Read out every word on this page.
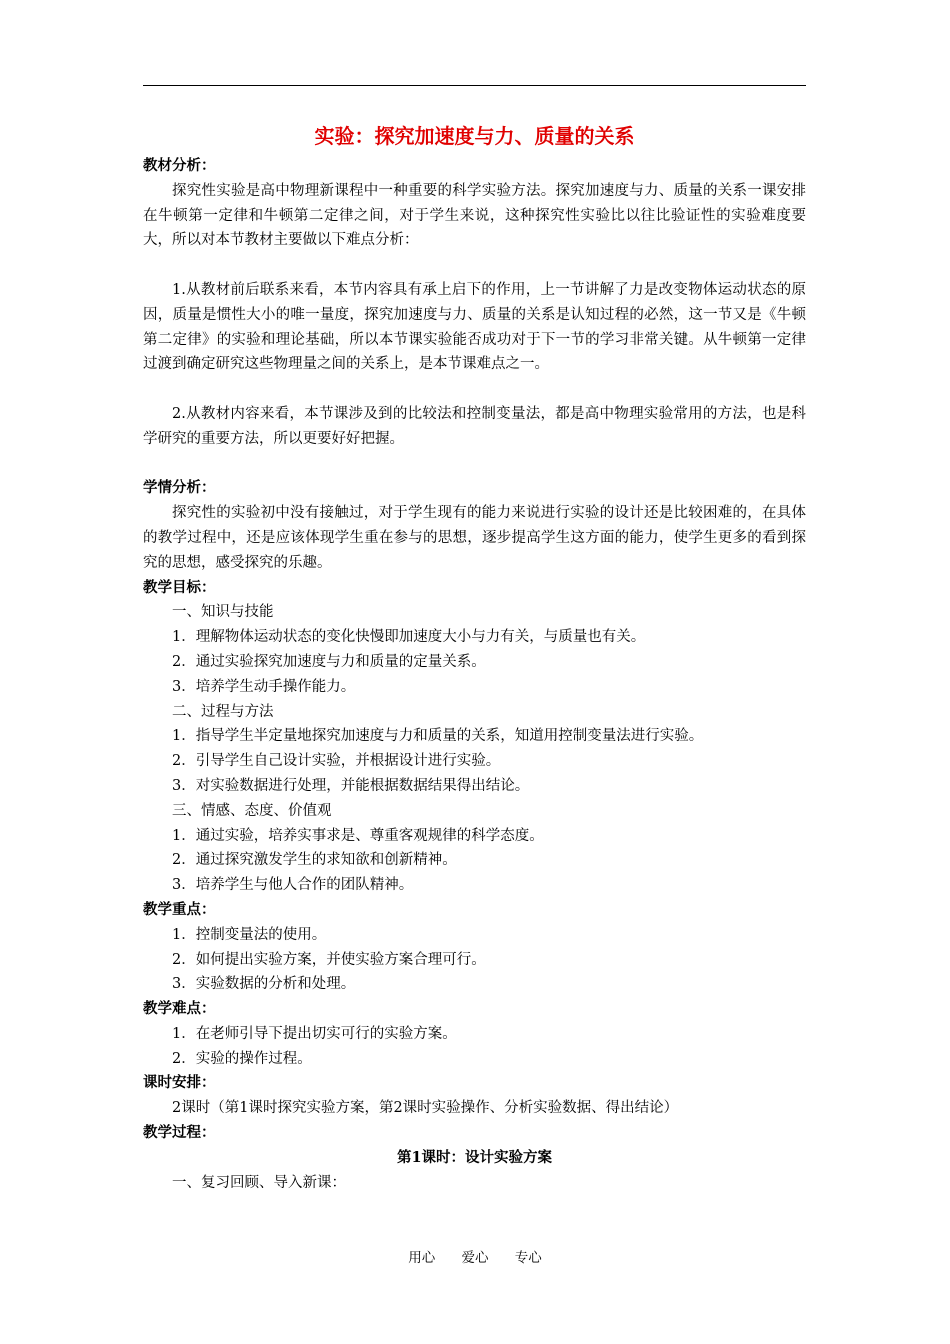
实验：探究加速度与力、质量的关系

教材分析：

探究性实验是高中物理新课程中一种重要的科学实验方法。探究加速度与力、质量的关系一课安排在牛顿第一定律和牛顿第二定律之间，对于学生来说，这种探究性实验比以往比验证性的实验难度要大，所以对本节教材主要做以下难点分析：

1.从教材前后联系来看，本节内容具有承上启下的作用，上一节讲解了力是改变物体运动状态的原因，质量是惯性大小的唯一量度，探究加速度与力、质量的关系是认知过程的必然，这一节又是《牛顿第二定律》的实验和理论基础，所以本节课实验能否成功对于下一节的学习非常关键。从牛顿第一定律过渡到确定研究这些物理量之间的关系上，是本节课难点之一。

2.从教材内容来看，本节课涉及到的比较法和控制变量法，都是高中物理实验常用的方法，也是科学研究的重要方法，所以更要好好把握。

学情分析：

探究性的实验初中没有接触过，对于学生现有的能力来说进行实验的设计还是比较困难的，在具体的教学过程中，还是应该体现学生重在参与的思想，逐步提高学生这方面的能力，使学生更多的看到探究的思想，感受探究的乐趣。

教学目标：

一、知识与技能

1．理解物体运动状态的变化快慢即加速度大小与力有关，与质量也有关。

2．通过实验探究加速度与力和质量的定量关系。

3．培养学生动手操作能力。

二、过程与方法

1．指导学生半定量地探究加速度与力和质量的关系，知道用控制变量法进行实验。

2．引导学生自己设计实验，并根据设计进行实验。

3．对实验数据进行处理，并能根据数据结果得出结论。

三、情感、态度、价值观

1．通过实验，培养实事求是、尊重客观规律的科学态度。

2．通过探究激发学生的求知欲和创新精神。

3．培养学生与他人合作的团队精神。

教学重点：

1．控制变量法的使用。

2．如何提出实验方案，并使实验方案合理可行。

3．实验数据的分析和处理。

教学难点：

1．在老师引导下提出切实可行的实验方案。

2．实验的操作过程。

课时安排：

2课时（第1课时探究实验方案，第2课时实验操作、分析实验数据、得出结论）

教学过程：

第1课时：设计实验方案

一、复习回顾、导入新课：

用心 爱心 专心
